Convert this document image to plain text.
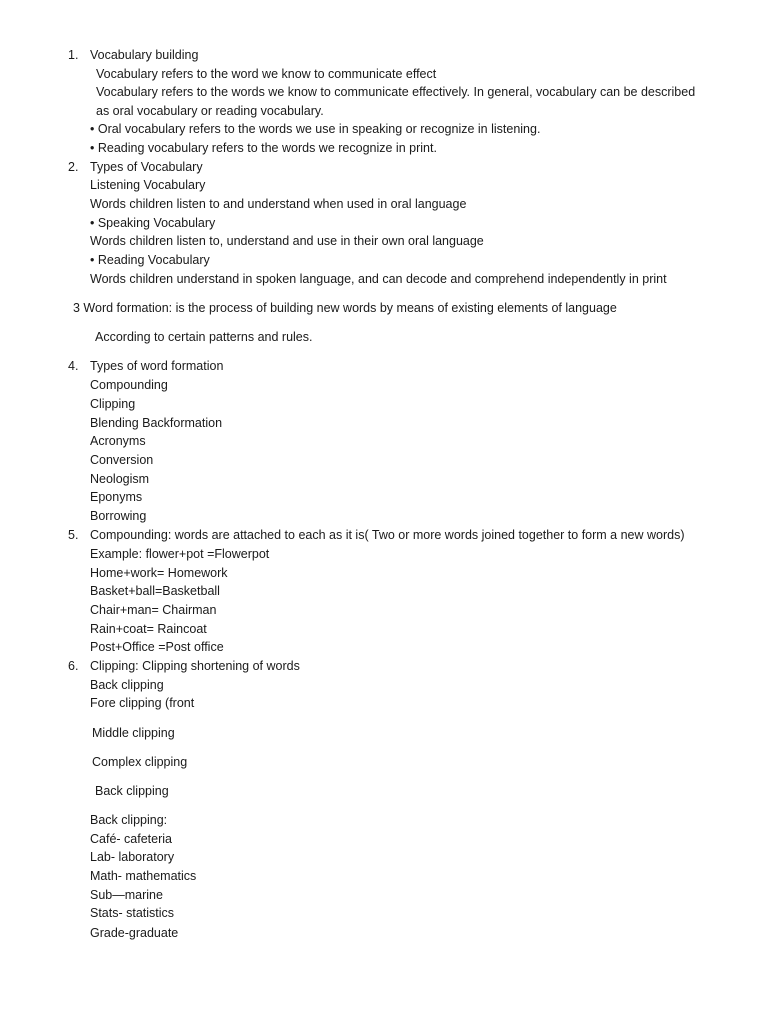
1. Vocabulary building
Vocabulary refers to the word we know to communicate effect
Vocabulary refers to the words we know to communicate effectively. In general, vocabulary can be described
as oral vocabulary or reading vocabulary.
• Oral vocabulary refers to the words we use in speaking or recognize in listening.
• Reading vocabulary refers to the words we recognize in print.
2. Types of Vocabulary
Listening Vocabulary
Words children listen to and understand when used in oral language
• Speaking Vocabulary
Words children listen to, understand and use in their own oral language
• Reading Vocabulary
Words children understand in spoken language, and can decode and comprehend independently in print
3 Word formation: is the process of building new words by means of existing elements of language
According to certain patterns and rules.
4. Types of word formation
Compounding
Clipping
Blending Backformation
Acronyms
Conversion
Neologism
Eponyms
Borrowing
5. Compounding: words are attached to each as it is( Two or more words joined together to form a new words)
Example: flower+pot =Flowerpot
Home+work= Homework
Basket+ball=Basketball
Chair+man= Chairman
Rain+coat= Raincoat
Post+Office =Post office
6. Clipping: Clipping shortening of words
Back clipping
Fore clipping (front
Middle clipping
Complex clipping
Back clipping
Back clipping:
Café- cafeteria
Lab- laboratory
Math- mathematics
Sub—marine
Stats- statistics
Grade-graduate
